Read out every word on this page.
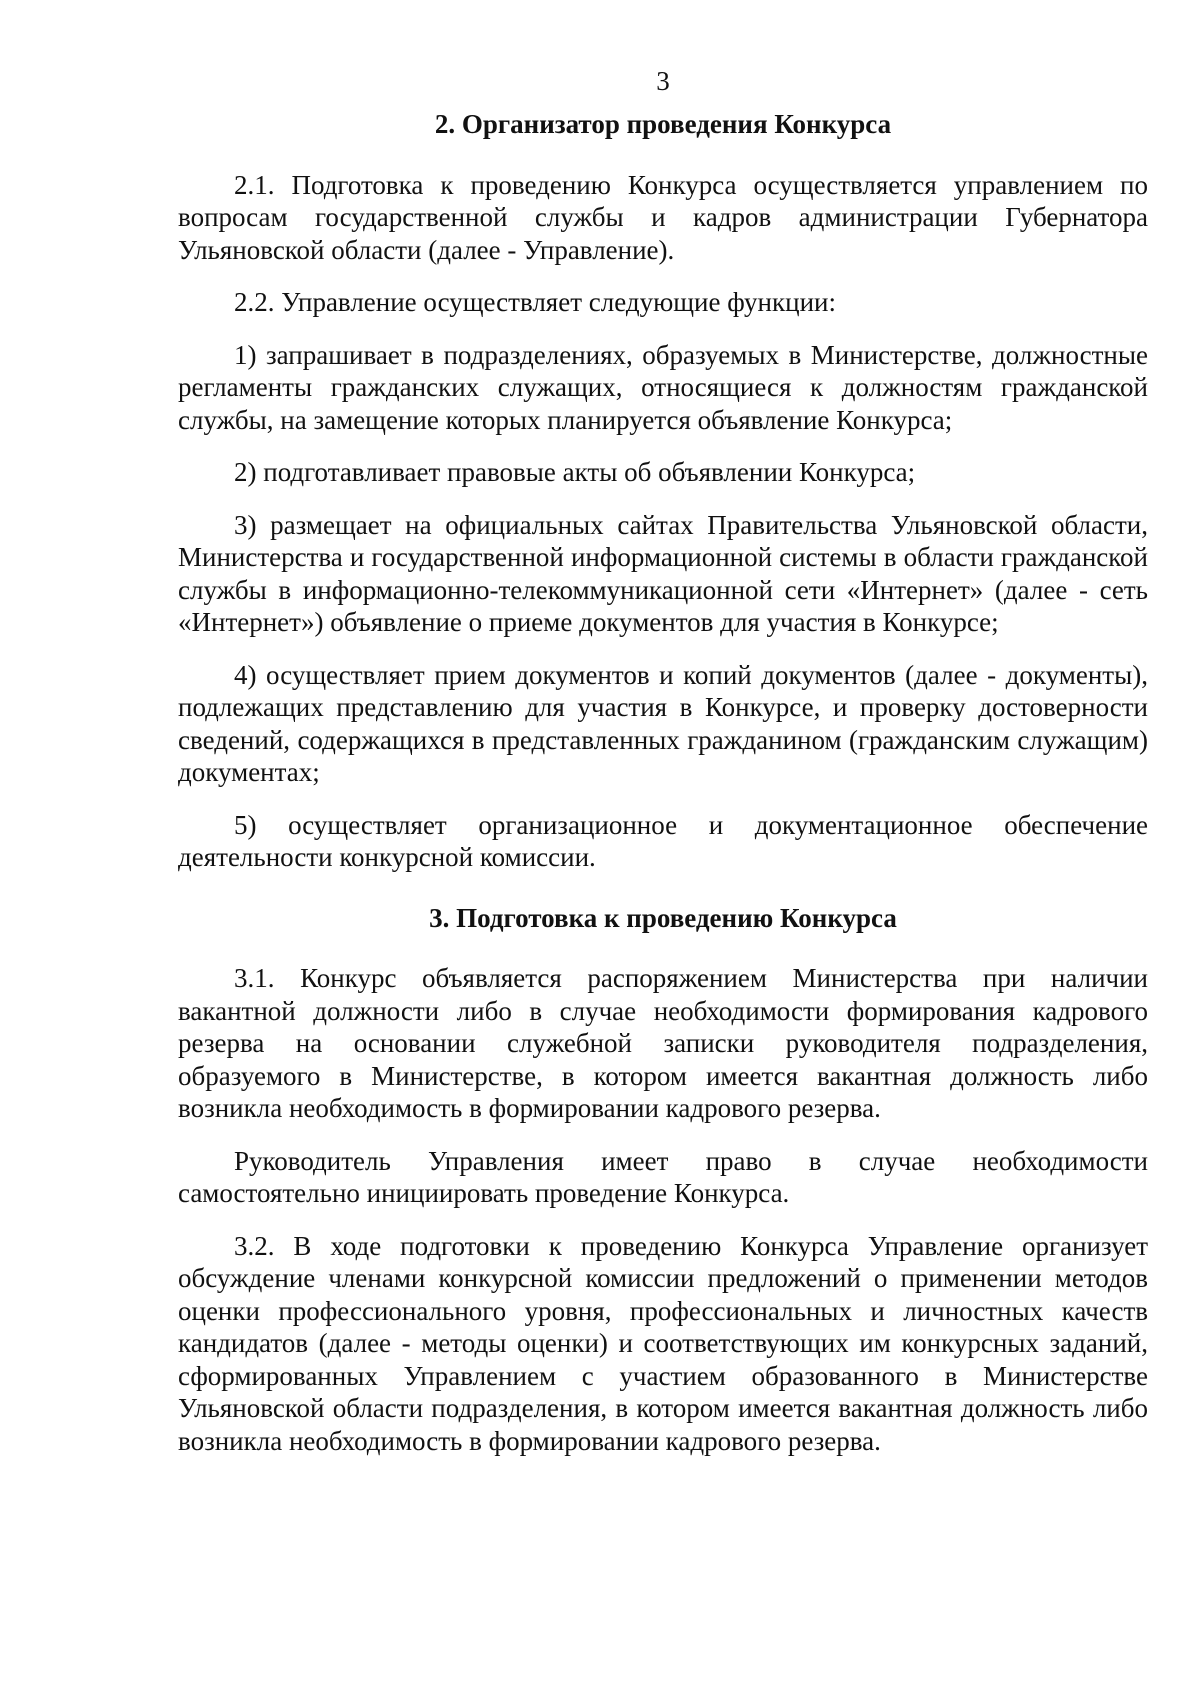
3
2. Организатор проведения Конкурса

2.1. Подготовка к проведению Конкурса осуществляется управлением по вопросам государственной службы и кадров администрации Губернатора Ульяновской области (далее - Управление).

2.2. Управление осуществляет следующие функции:

1) запрашивает в подразделениях, образуемых в Министерстве, должностные регламенты гражданских служащих, относящиеся к должностям гражданской службы, на замещение которых планируется объявление Конкурса;

2) подготавливает правовые акты об объявлении Конкурса;

3) размещает на официальных сайтах Правительства Ульяновской области, Министерства и государственной информационной системы в области гражданской службы в информационно-телекоммуникационной сети «Интернет» (далее - сеть «Интернет») объявление о приеме документов для участия в Конкурсе;

4) осуществляет прием документов и копий документов (далее - документы), подлежащих представлению для участия в Конкурсе, и проверку достоверности сведений, содержащихся в представленных гражданином (гражданским служащим) документах;

5) осуществляет организационное и документационное обеспечение деятельности конкурсной комиссии.

3. Подготовка к проведению Конкурса

3.1. Конкурс объявляется распоряжением Министерства при наличии вакантной должности либо в случае необходимости формирования кадрового резерва на основании служебной записки руководителя подразделения, образуемого в Министерстве, в котором имеется вакантная должность либо возникла необходимость в формировании кадрового резерва.

Руководитель Управления имеет право в случае необходимости самостоятельно инициировать проведение Конкурса.

3.2. В ходе подготовки к проведению Конкурса Управление организует обсуждение членами конкурсной комиссии предложений о применении методов оценки профессионального уровня, профессиональных и личностных качеств кандидатов (далее - методы оценки) и соответствующих им конкурсных заданий, сформированных Управлением с участием образованного в Министерстве Ульяновской области подразделения, в котором имеется вакантная должность либо возникла необходимость в формировании кадрового резерва.
